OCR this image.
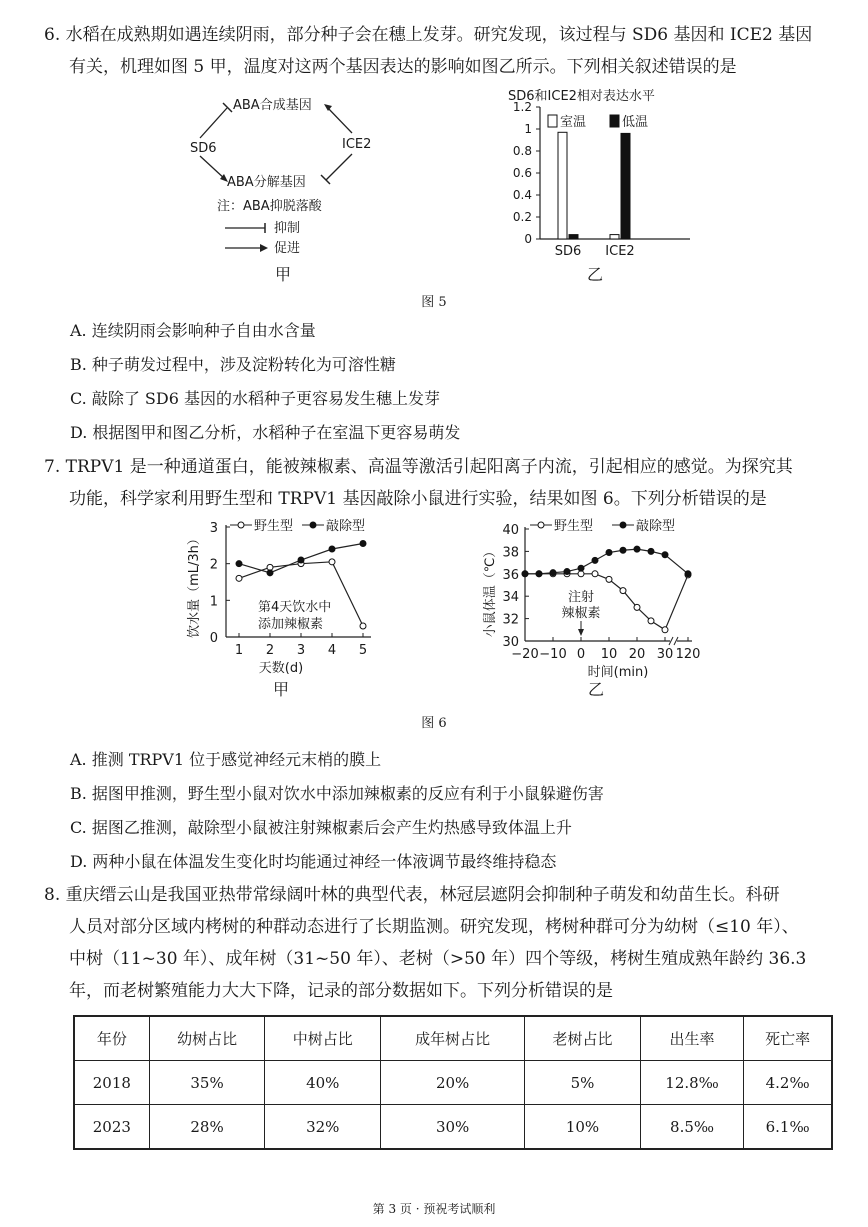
6. 水稻在成熟期如遇连续阴雨，部分种子会在穗上发芽。研究发现，该过程与 SD6 基因和 ICE2 基因
有关，机理如图 5 甲，温度对这两个基因表达的影响如图乙所示。下列相关叙述错误的是
ABA合成基因
SD6	ICE2
ABA分解基因
注：ABA抑脱落酸
抑制
促进
甲
SD6和ICE2相对表达水平
0
0.2
0.4
0.6
0.8
1
1.2
SD6 ICE2
室温	低温
乙
图 5
A. 连续阴雨会影响种子自由水含量
B. 种子萌发过程中，涉及淀粉转化为可溶性糖
C. 敲除了 SD6 基因的水稻种子更容易发生穗上发芽
D. 根据图甲和图乙分析，水稻种子在室温下更容易萌发
7. TRPV1 是一种通道蛋白，能被辣椒素、高温等激活引起阳离子内流，引起相应的感觉。为探究其
功能，科学家利用野生型和 TRPV1 基因敲除小鼠进行实验，结果如图 6。下列分析错误的是
0
1
2
3
1 2 3 4 5
饮水量（mL/3h）
天数(d)
野生型	敲除型
第4天饮水中
添加辣椒素
甲
30
32
34
36
38
40
−20 −10 0 10 20 30 120
小鼠体温（℃）
时间(min)
野生型	敲除型
注射
辣椒素
乙
图 6
A. 推测 TRPV1 位于感觉神经元末梢的膜上
B. 据图甲推测，野生型小鼠对饮水中添加辣椒素的反应有利于小鼠躲避伤害
C. 据图乙推测，敲除型小鼠被注射辣椒素后会产生灼热感导致体温上升
D. 两种小鼠在体温发生变化时均能通过神经一体液调节最终维持稳态
8. 重庆缙云山是我国亚热带常绿阔叶林的典型代表，林冠层遮阴会抑制种子萌发和幼苗生长。科研
人员对部分区域内栲树的种群动态进行了长期监测。研究发现，栲树种群可分为幼树（≤10 年）、
中树（11~30 年）、成年树（31~50 年）、老树（>50 年）四个等级，栲树生殖成熟年龄约 36.3
年，而老树繁殖能力大大下降，记录的部分数据如下。下列分析错误的是
年份	幼树占比	中树占比	成年树占比	老树占比	出生率	死亡率
2018	35%	40%	20%	5%	12.8‰	4.2‰
2023	28%	32%	30%	10%	8.5‰	6.1‰
第 3 页 · 预祝考试顺利
